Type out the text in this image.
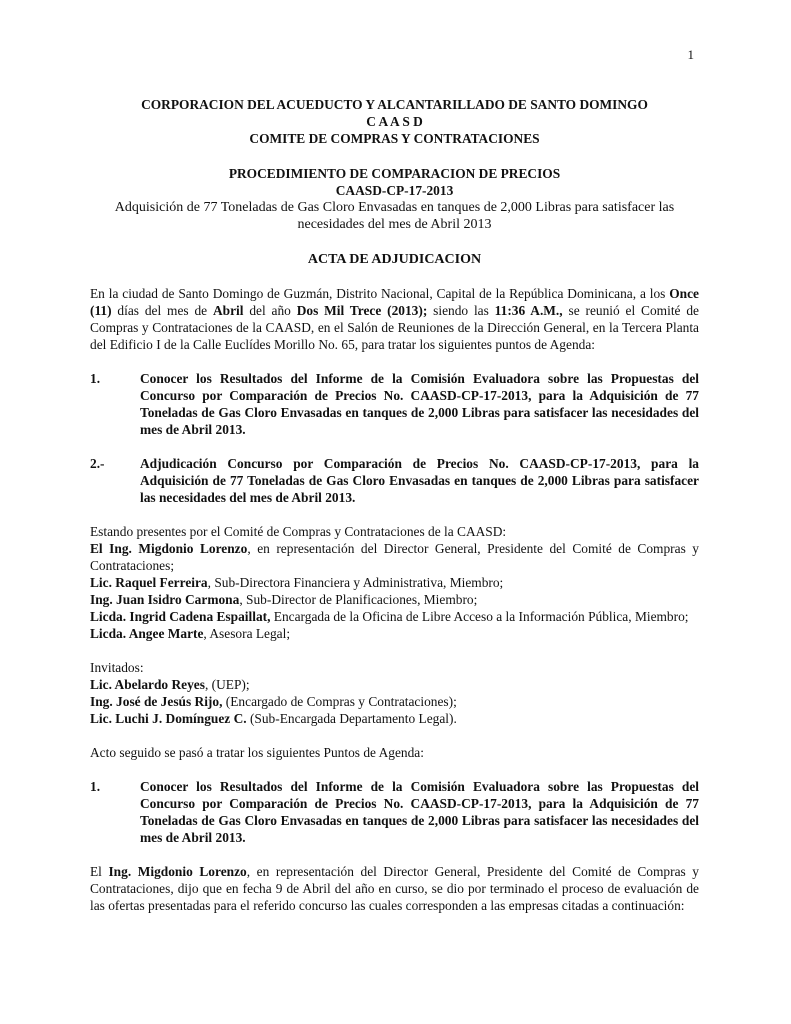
1
CORPORACION DEL ACUEDUCTO Y ALCANTARILLADO DE SANTO DOMINGO
C A A S D
COMITE DE COMPRAS Y CONTRATACIONES
PROCEDIMIENTO DE COMPARACION DE PRECIOS
CAASD-CP-17-2013
Adquisición de 77 Toneladas de Gas Cloro Envasadas en tanques de 2,000 Libras para satisfacer las necesidades del mes de Abril 2013

ACTA DE ADJUDICACION

En la ciudad de Santo Domingo de Guzmán, Distrito Nacional, Capital de la República Dominicana, a los Once (11) días del mes de Abril del año Dos Mil Trece (2013); siendo las 11:36 A.M., se reunió el Comité de Compras y Contrataciones de la CAASD, en el Salón de Reuniones de la Dirección General, en la Tercera Planta del Edificio I de la Calle Euclídes Morillo No. 65, para tratar los siguientes puntos de Agenda:

1.	Conocer los Resultados del Informe de la Comisión Evaluadora sobre las Propuestas del Concurso por Comparación de Precios No. CAASD-CP-17-2013, para la Adquisición de 77 Toneladas de Gas Cloro Envasadas en tanques de 2,000 Libras para satisfacer las necesidades del mes de Abril 2013.
2.-	Adjudicación Concurso por Comparación de Precios No. CAASD-CP-17-2013, para la Adquisición de 77 Toneladas de Gas Cloro Envasadas en tanques de 2,000 Libras para satisfacer las necesidades del mes de Abril 2013.

Estando presentes por el Comité de Compras y Contrataciones de la CAASD:

El Ing. Migdonio Lorenzo, en representación del Director General, Presidente del Comité de Compras y Contrataciones;

Lic. Raquel Ferreira, Sub-Directora Financiera y Administrativa, Miembro;

Ing. Juan Isidro Carmona, Sub-Director de Planificaciones, Miembro;

Licda. Ingrid Cadena Espaillat, Encargada de la Oficina de Libre Acceso a la Información Pública, Miembro;

Licda. Angee Marte, Asesora Legal;

Invitados:

Lic. Abelardo Reyes, (UEP);

Ing. José de Jesús Rijo, (Encargado de Compras y Contrataciones);

Lic. Luchi J. Domínguez C. (Sub-Encargada Departamento Legal).

Acto seguido se pasó a tratar los siguientes Puntos de Agenda:

1.	Conocer los Resultados del Informe de la Comisión Evaluadora sobre las Propuestas del Concurso por Comparación de Precios No. CAASD-CP-17-2013, para la Adquisición de 77 Toneladas de Gas Cloro Envasadas en tanques de 2,000 Libras para satisfacer las necesidades del mes de Abril 2013.

El Ing. Migdonio Lorenzo, en representación del Director General, Presidente del Comité de Compras y Contrataciones, dijo que en fecha 9 de Abril del año en curso, se dio por terminado el proceso de evaluación de las ofertas presentadas para el referido concurso las cuales corresponden a las empresas citadas a continuación:
